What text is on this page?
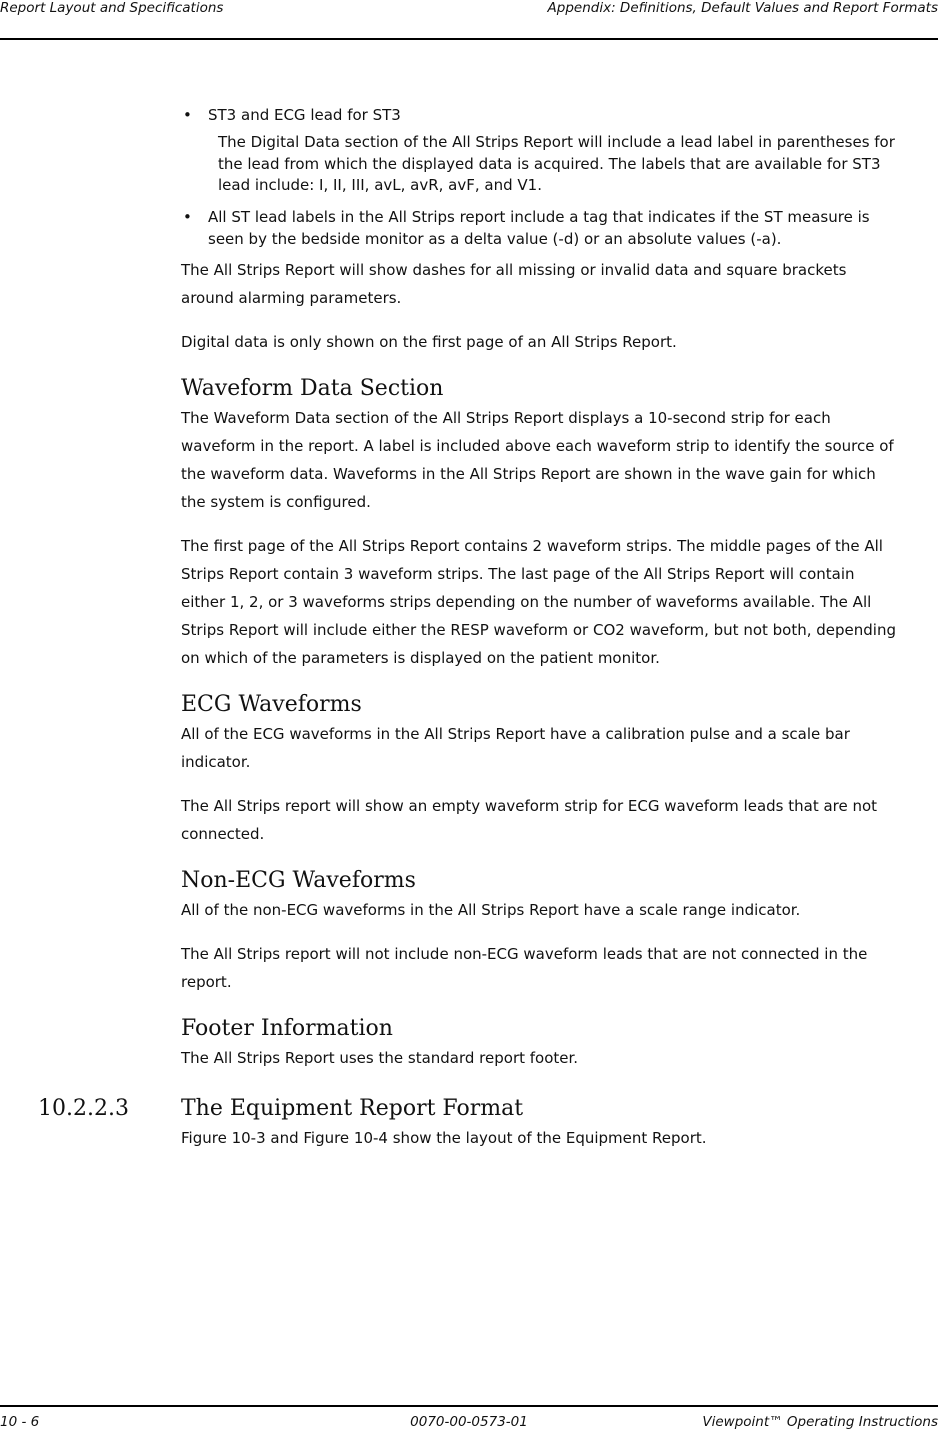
Report Layout and Specifications	Appendix: Definitions, Default Values and Report Formats
• ST3 and ECG lead for ST3
The Digital Data section of the All Strips Report will include a lead label in parentheses for the lead from which the displayed data is acquired. The labels that are available for ST3 lead include: I, II, III, avL, avR, avF, and V1.
• All ST lead labels in the All Strips report include a tag that indicates if the ST measure is seen by the bedside monitor as a delta value (-d) or an absolute values (-a).

The All Strips Report will show dashes for all missing or invalid data and square brackets around alarming parameters.

Digital data is only shown on the first page of an All Strips Report.

Waveform Data Section

The Waveform Data section of the All Strips Report displays a 10-second strip for each waveform in the report. A label is included above each waveform strip to identify the source of the waveform data. Waveforms in the All Strips Report are shown in the wave gain for which the system is configured.

The first page of the All Strips Report contains 2 waveform strips. The middle pages of the All Strips Report contain 3 waveform strips. The last page of the All Strips Report will contain either 1, 2, or 3 waveforms strips depending on the number of waveforms available. The All Strips Report will include either the RESP waveform or CO2 waveform, but not both, depending on which of the parameters is displayed on the patient monitor.

ECG Waveforms

All of the ECG waveforms in the All Strips Report have a calibration pulse and a scale bar indicator.

The All Strips report will show an empty waveform strip for ECG waveform leads that are not connected.

Non-ECG Waveforms

All of the non-ECG waveforms in the All Strips Report have a scale range indicator.

The All Strips report will not include non-ECG waveform leads that are not connected in the report.

Footer Information

The All Strips Report uses the standard report footer.

10.2.2.3 The Equipment Report Format

Figure 10-3 and Figure 10-4 show the layout of the Equipment Report.

10 - 6	0070-00-0573-01	Viewpoint™ Operating Instructions
